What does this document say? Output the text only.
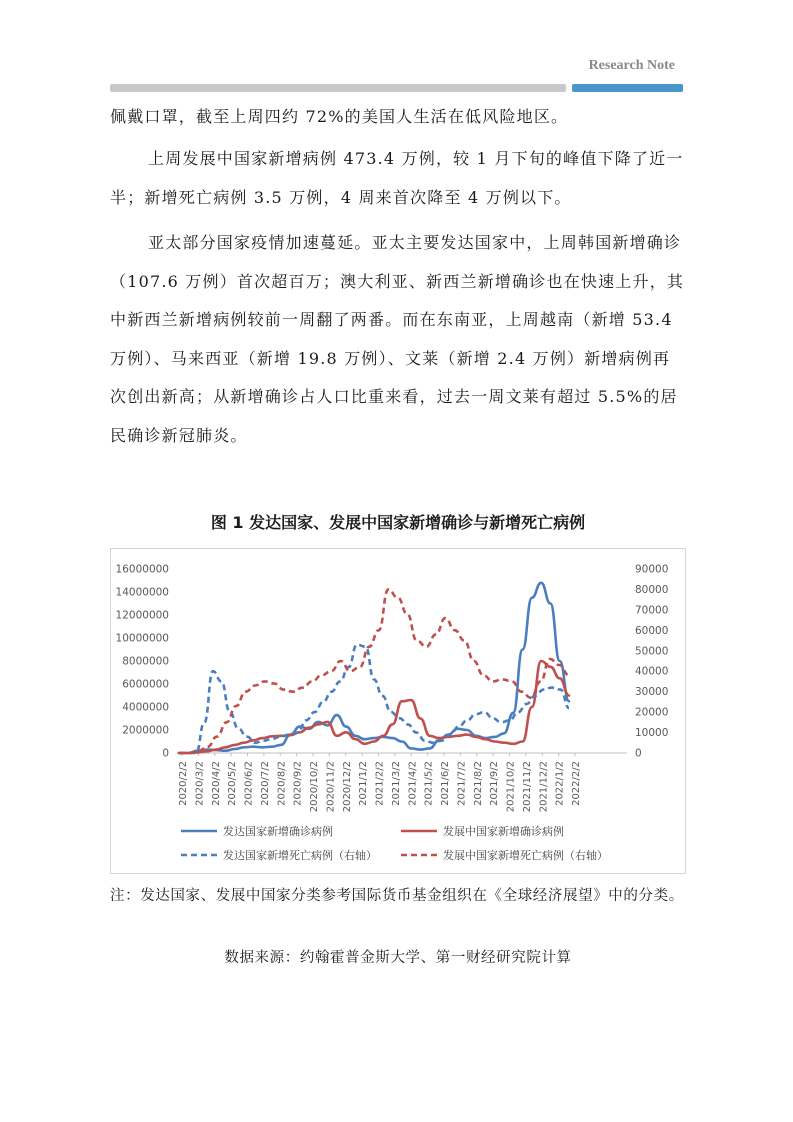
Research Note

佩戴口罩，截至上周四约 72%的美国人生活在低风险地区。

上周发展中国家新增病例 473.4 万例，较 1 月下旬的峰值下降了近一半；新增死亡病例 3.5 万例，4 周来首次降至 4 万例以下。

亚太部分国家疫情加速蔓延。亚太主要发达国家中，上周韩国新增确诊（107.6 万例）首次超百万；澳大利亚、新西兰新增确诊也在快速上升，其中新西兰新增病例较前一周翻了两番。而在东南亚，上周越南（新增 53.4 万例）、马来西亚（新增 19.8 万例）、文莱（新增 2.4 万例）新增病例再次创出新高；从新增确诊占人口比重来看，过去一周文莱有超过 5.5%的居民确诊新冠肺炎。

图 1 发达国家、发展中国家新增确诊与新增死亡病例
0
2000000
4000000
6000000
8000000
10000000
12000000
14000000
16000000
0
10000
20000
30000
40000
50000
60000
70000
80000
90000
2020/2/2 2020/3/2 2020/4/2 2020/5/2 2020/6/2 2020/7/2 2020/8/2 2020/9/2 2020/10/2 2020/11/2 2020/12/2 2021/1/2 2021/2/2 2021/3/2 2021/4/2 2021/5/2 2021/6/2 2021/7/2 2021/8/2 2021/9/2 2021/10/2 2021/11/2 2021/12/2 2022/1/2 2022/2/2
发达国家新增确诊病例	发展中国家新增确诊病例
发达国家新增死亡病例（右轴）	发展中国家新增死亡病例（右轴）

注：发达国家、发展中国家分类参考国际货币基金组织在《全球经济展望》中的分类。

数据来源：约翰霍普金斯大学、第一财经研究院计算
